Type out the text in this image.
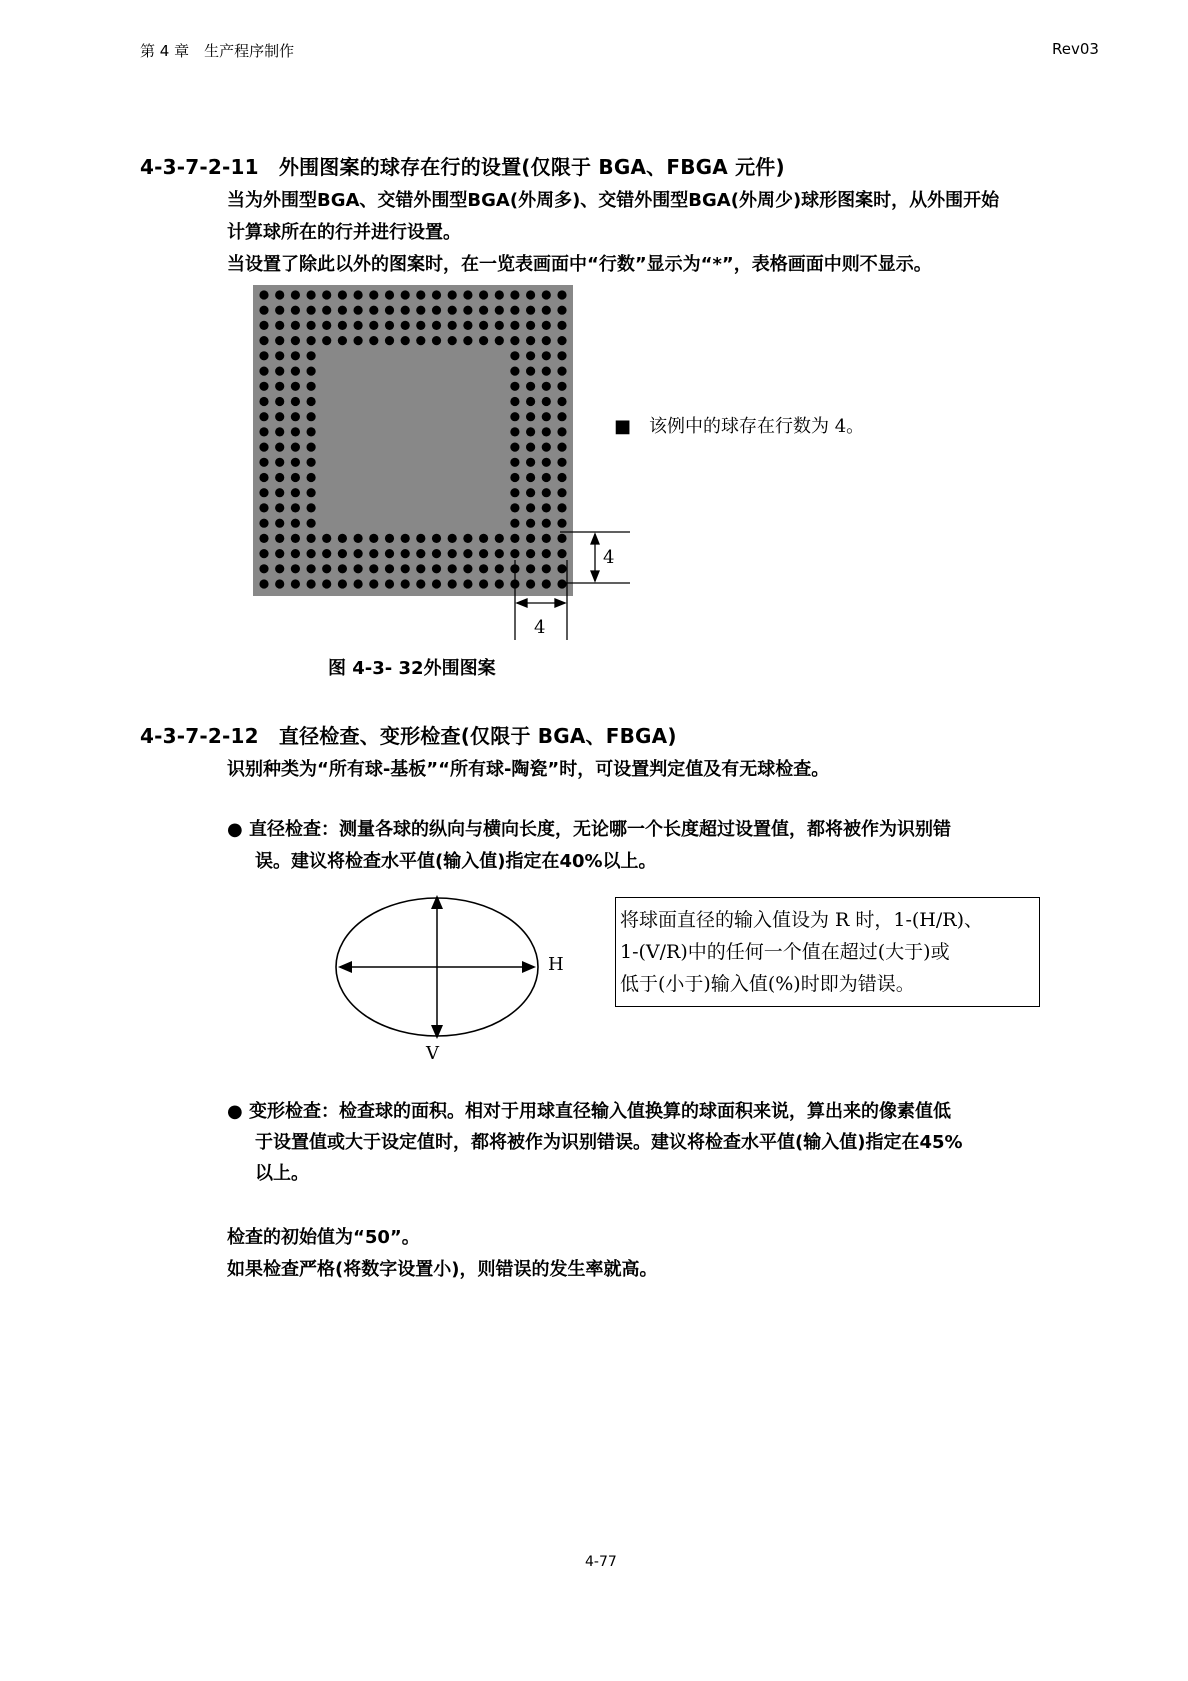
第 4 章　生产程序制作	Rev03
4-3-7-2-11　外围图案的球存在行的设置(仅限于 BGA、FBGA 元件)
当为外围型BGA、交错外围型BGA(外周多)、交错外围型BGA(外周少)球形图案时，从外围开始
计算球所在的行并进行设置。
当设置了除此以外的图案时，在一览表画面中“行数”显示为“*”，表格画面中则不显示。
4
4
■　该例中的球存在行数为 4。
图 4-3- 32外围图案
4-3-7-2-12　直径检查、变形检查(仅限于 BGA、FBGA)
识别种类为“所有球-基板”“所有球-陶瓷”时，可设置判定值及有无球检查。
● 直径检查：测量各球的纵向与横向长度，无论哪一个长度超过设置值，都将被作为识别错
误。建议将检查水平值(输入值)指定在40%以上。
H
V
将球面直径的输入值设为 R 时，1-(H/R)、
1-(V/R)中的任何一个值在超过(大于)或
低于(小于)输入值(%)时即为错误。
● 变形检查：检查球的面积。相对于用球直径输入值换算的球面积来说，算出来的像素值低
于设置值或大于设定值时，都将被作为识别错误。建议将检查水平值(输入值)指定在45%
以上。
检查的初始值为“50”。
如果检查严格(将数字设置小)，则错误的发生率就高。
4-77
